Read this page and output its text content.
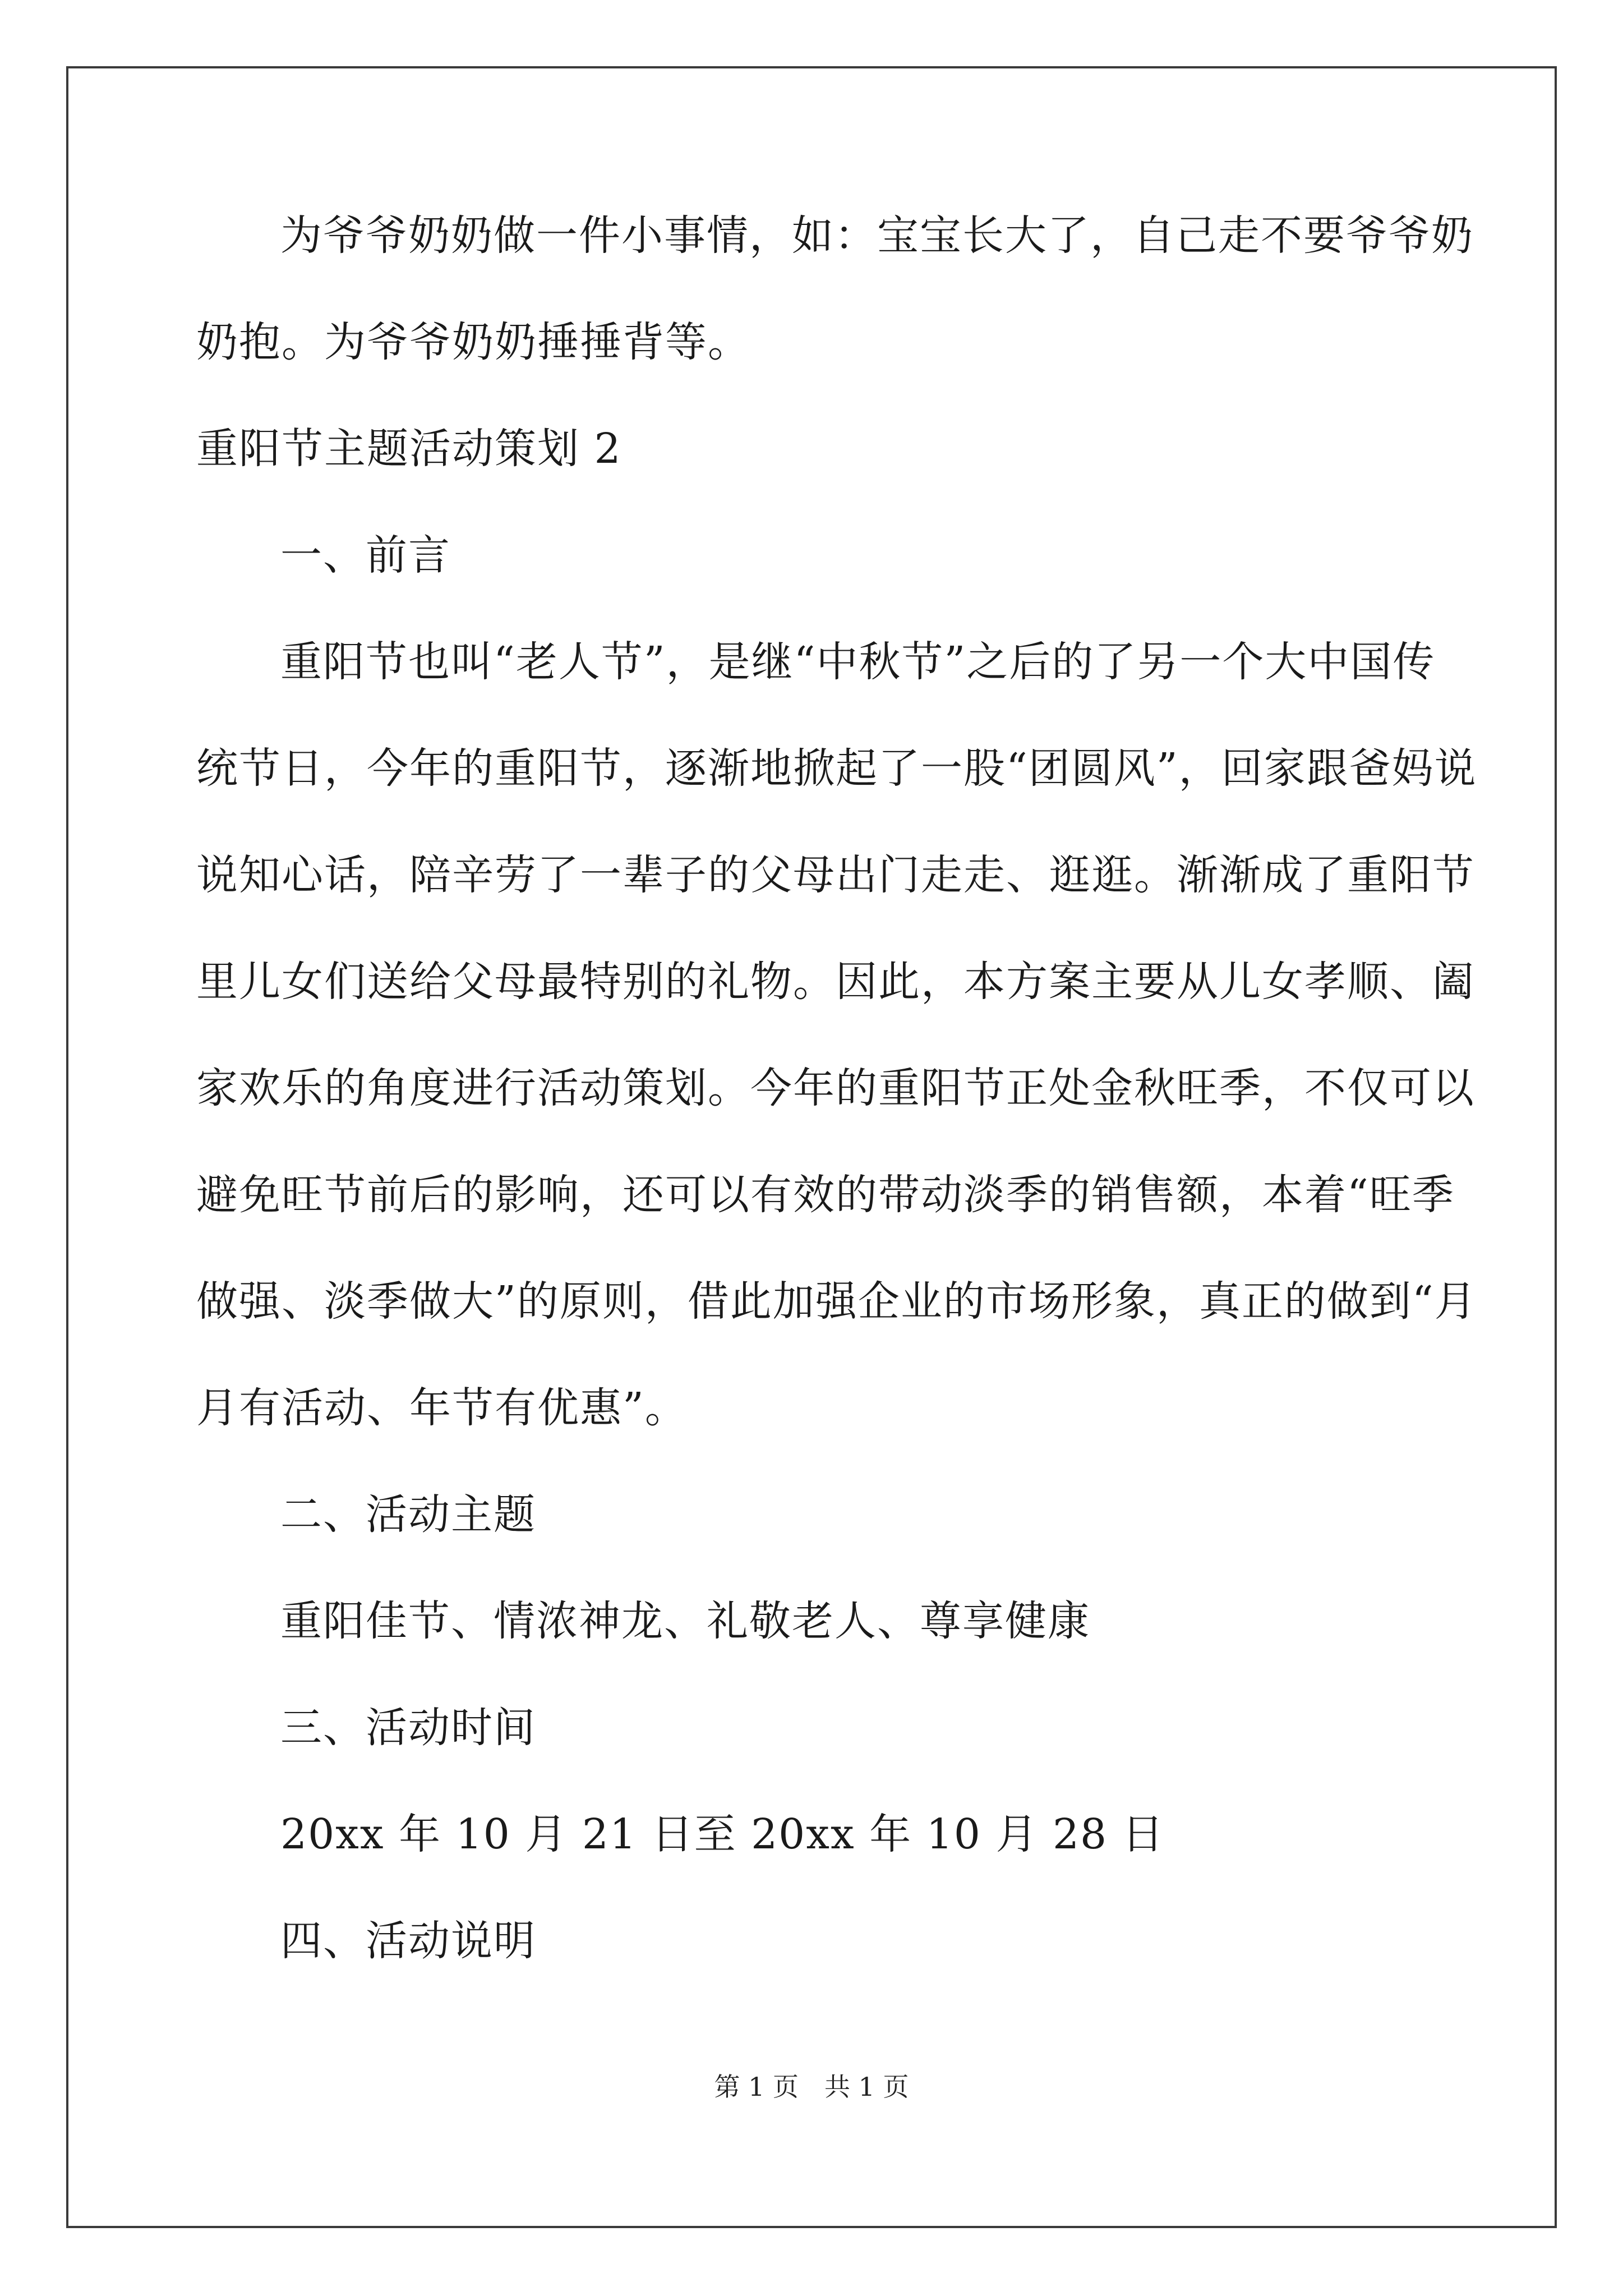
为爷爷奶奶做一件小事情，如：宝宝长大了，自己走不要爷爷奶
奶抱。为爷爷奶奶捶捶背等。
重阳节主题活动策划 2
一、前言
重阳节也叫“老人节”，是继“中秋节”之后的了另一个大中国传
统节日，今年的重阳节，逐渐地掀起了一股“团圆风”，回家跟爸妈说
说知心话，陪辛劳了一辈子的父母出门走走、逛逛。渐渐成了重阳节
里儿女们送给父母最特别的礼物。因此，本方案主要从儿女孝顺、阖
家欢乐的角度进行活动策划。今年的重阳节正处金秋旺季，不仅可以
避免旺节前后的影响，还可以有效的带动淡季的销售额，本着“旺季
做强、淡季做大”的原则，借此加强企业的市场形象，真正的做到“月
月有活动、年节有优惠”。
二、活动主题
重阳佳节、情浓神龙、礼敬老人、尊享健康
三、活动时间
20xx 年 10 月 21 日至 20xx 年 10 月 28 日
四、活动说明
第 1 页　共 1 页
